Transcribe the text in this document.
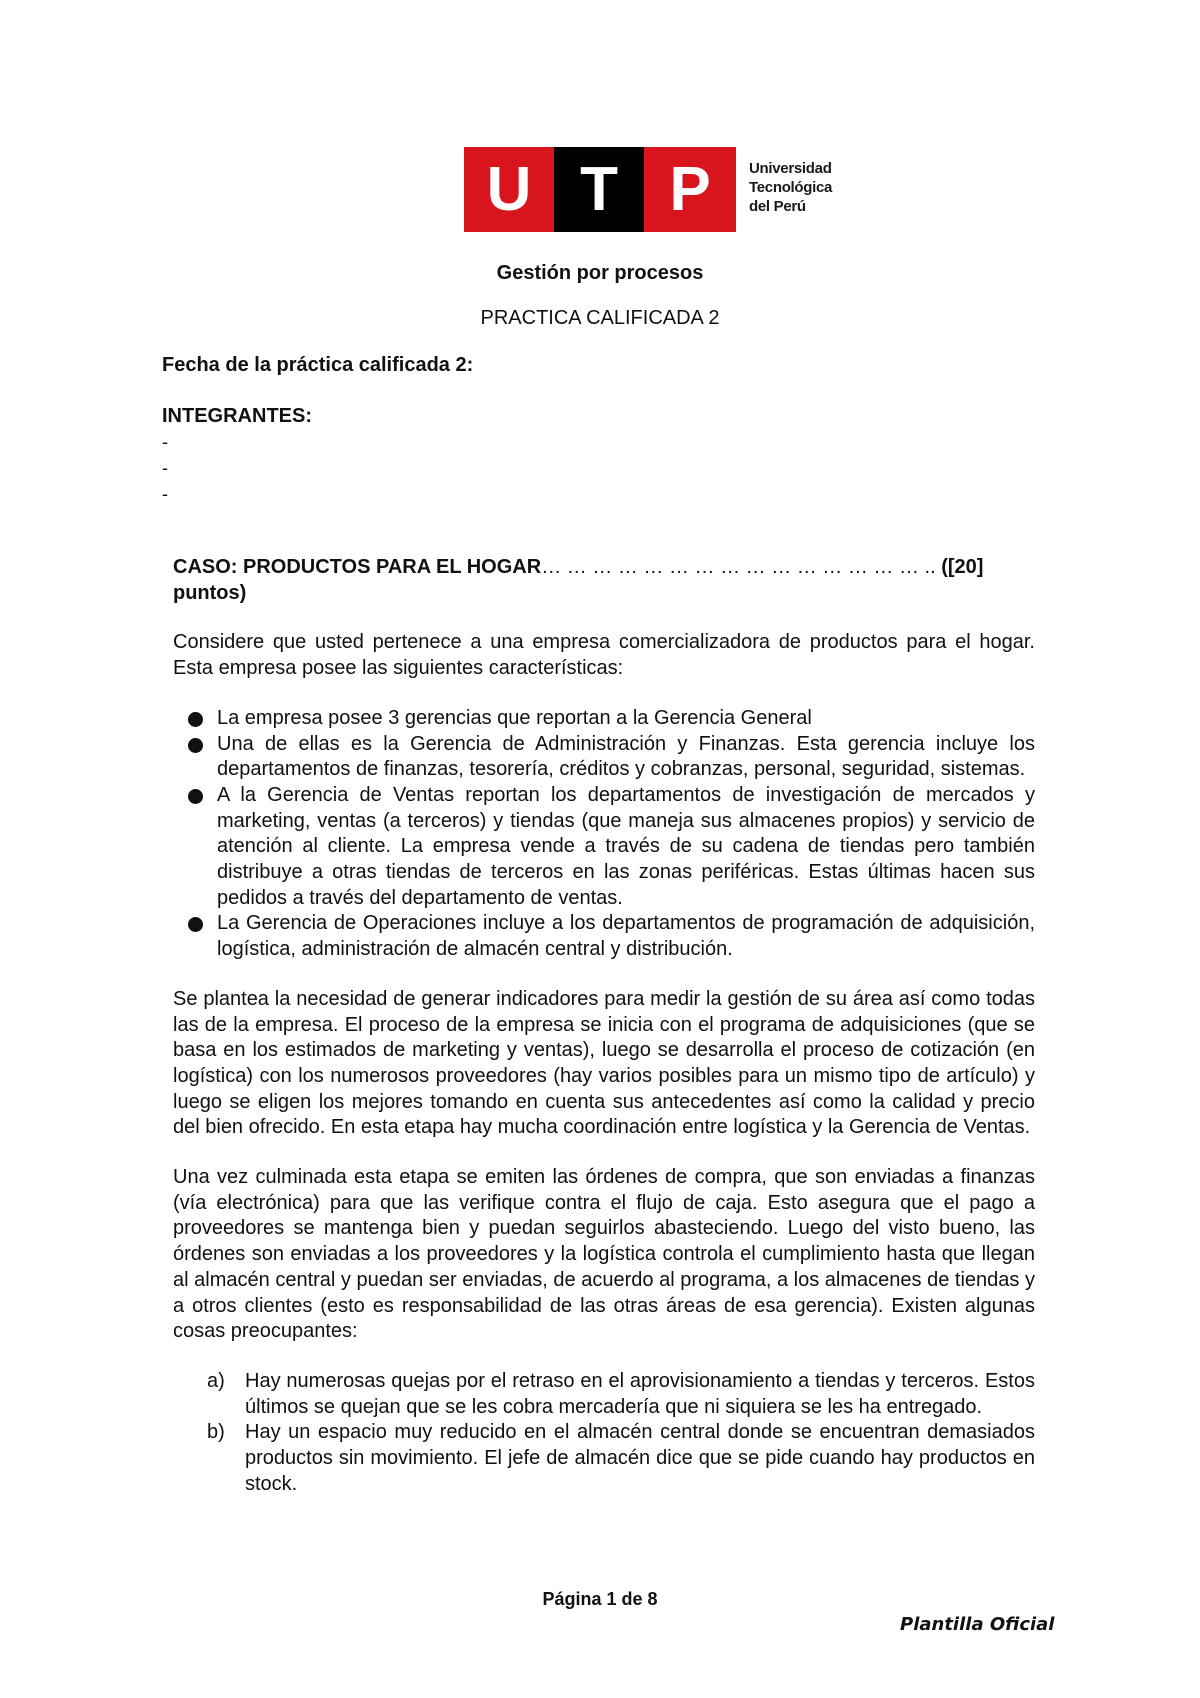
U T P	Universidad
Tecnológica
del Perú
Gestión por procesos
PRACTICA CALIFICADA 2
Fecha de la práctica calificada 2:
INTEGRANTES:
-
-
-

CASO: PRODUCTOS PARA EL HOGAR… … … … … … … … … … … … … … … .. ([20] puntos)

Considere que usted pertenece a una empresa comercializadora de productos para el hogar. Esta empresa posee las siguientes características:

La empresa posee 3 gerencias que reportan a la Gerencia General
Una de ellas es la Gerencia de Administración y Finanzas. Esta gerencia incluye los departamentos de finanzas, tesorería, créditos y cobranzas, personal, seguridad, sistemas.
A la Gerencia de Ventas reportan los departamentos de investigación de mercados y marketing, ventas (a terceros) y tiendas (que maneja sus almacenes propios) y servicio de atención al cliente. La empresa vende a través de su cadena de tiendas pero también distribuye a otras tiendas de terceros en las zonas periféricas. Estas últimas hacen sus pedidos a través del departamento de ventas.
La Gerencia de Operaciones incluye a los departamentos de programación de adquisición, logística, administración de almacén central y distribución.

Se plantea la necesidad de generar indicadores para medir la gestión de su área así como todas las de la empresa. El proceso de la empresa se inicia con el programa de adquisiciones (que se basa en los estimados de marketing y ventas), luego se desarrolla el proceso de cotización (en logística) con los numerosos proveedores (hay varios posibles para un mismo tipo de artículo) y luego se eligen los mejores tomando en cuenta sus antecedentes así como la calidad y precio del bien ofrecido. En esta etapa hay mucha coordinación entre logística y la Gerencia de Ventas.

Una vez culminada esta etapa se emiten las órdenes de compra, que son enviadas a finanzas (vía electrónica) para que las verifique contra el flujo de caja. Esto asegura que el pago a proveedores se mantenga bien y puedan seguirlos abasteciendo. Luego del visto bueno, las órdenes son enviadas a los proveedores y la logística controla el cumplimiento hasta que llegan al almacén central y puedan ser enviadas, de acuerdo al programa, a los almacenes de tiendas y a otros clientes (esto es responsabilidad de las otras áreas de esa gerencia). Existen algunas cosas preocupantes:

a) Hay numerosas quejas por el retraso en el aprovisionamiento a tiendas y terceros. Estos últimos se quejan que se les cobra mercadería que ni siquiera se les ha entregado.
b) Hay un espacio muy reducido en el almacén central donde se encuentran demasiados productos sin movimiento. El jefe de almacén dice que se pide cuando hay productos en stock.
Página 1 de 8
Plantilla Oficial
